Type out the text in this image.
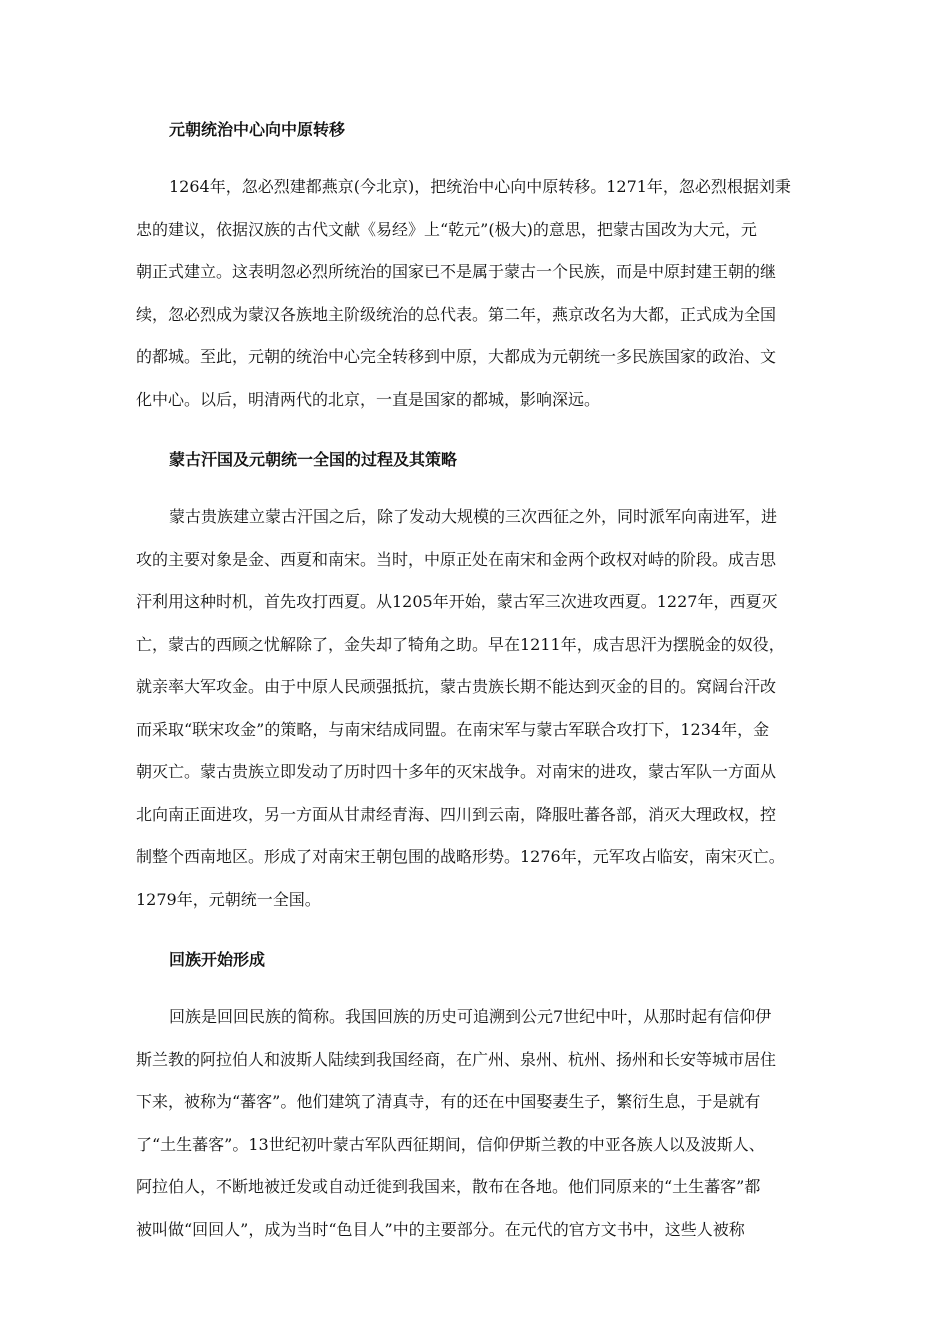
元朝统治中心向中原转移
1264年，忽必烈建都燕京(今北京)，把统治中心向中原转移。1271年，忽必烈根据刘秉
忠的建议，依据汉族的古代文献《易经》上“乾元”(极大)的意思，把蒙古国改为大元，元
朝正式建立。这表明忽必烈所统治的国家已不是属于蒙古一个民族，而是中原封建王朝的继
续，忽必烈成为蒙汉各族地主阶级统治的总代表。第二年，燕京改名为大都，正式成为全国
的都城。至此，元朝的统治中心完全转移到中原，大都成为元朝统一多民族国家的政治、文
化中心。以后，明清两代的北京，一直是国家的都城，影响深远。
蒙古汗国及元朝统一全国的过程及其策略
蒙古贵族建立蒙古汗国之后，除了发动大规模的三次西征之外，同时派军向南进军，进
攻的主要对象是金、西夏和南宋。当时，中原正处在南宋和金两个政权对峙的阶段。成吉思
汗利用这种时机，首先攻打西夏。从1205年开始，蒙古军三次进攻西夏。1227年，西夏灭
亡，蒙古的西顾之忧解除了，金失却了犄角之助。早在1211年，成吉思汗为摆脱金的奴役，
就亲率大军攻金。由于中原人民顽强抵抗，蒙古贵族长期不能达到灭金的目的。窝阔台汗改
而采取“联宋攻金”的策略，与南宋结成同盟。在南宋军与蒙古军联合攻打下，1234年，金
朝灭亡。蒙古贵族立即发动了历时四十多年的灭宋战争。对南宋的进攻，蒙古军队一方面从
北向南正面进攻，另一方面从甘肃经青海、四川到云南，降服吐蕃各部，消灭大理政权，控
制整个西南地区。形成了对南宋王朝包围的战略形势。1276年，元军攻占临安，南宋灭亡。
1279年，元朝统一全国。
回族开始形成
回族是回回民族的简称。我国回族的历史可追溯到公元7世纪中叶，从那时起有信仰伊
斯兰教的阿拉伯人和波斯人陆续到我国经商，在广州、泉州、杭州、扬州和长安等城市居住
下来，被称为“蕃客”。他们建筑了清真寺，有的还在中国娶妻生子，繁衍生息，于是就有
了“土生蕃客”。13世纪初叶蒙古军队西征期间，信仰伊斯兰教的中亚各族人以及波斯人、
阿拉伯人，不断地被迁发或自动迁徙到我国来，散布在各地。他们同原来的“土生蕃客”都
被叫做“回回人”，成为当时“色目人”中的主要部分。在元代的官方文书中，这些人被称
